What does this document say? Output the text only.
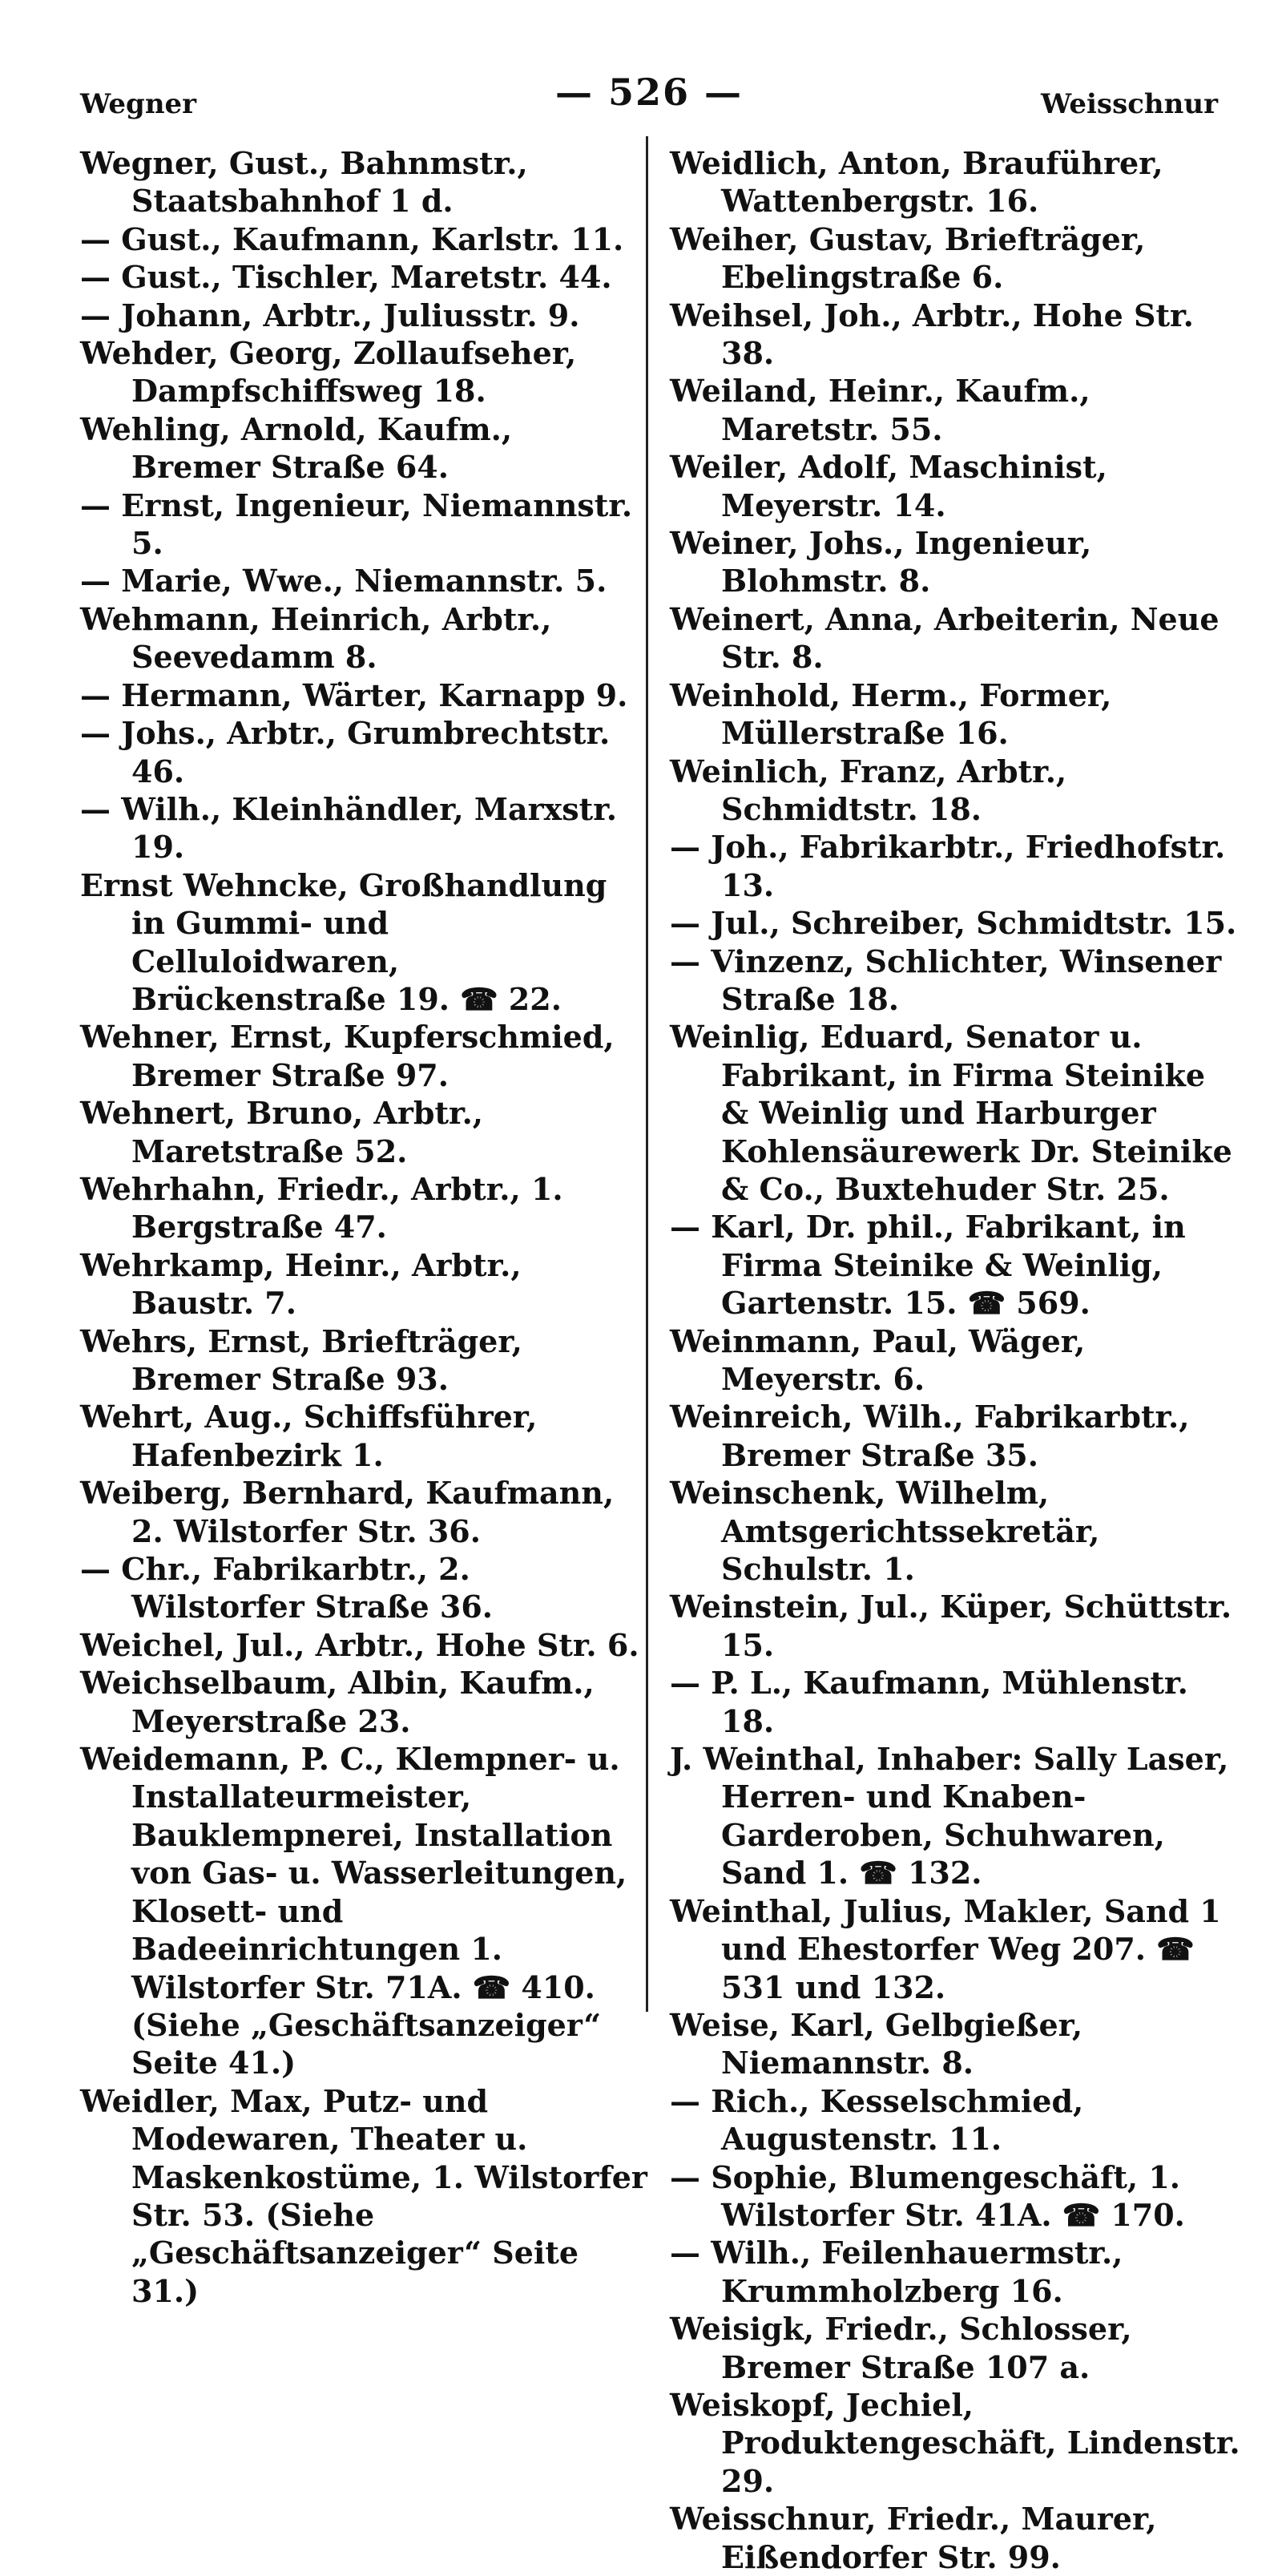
Wegner	— 526 —	Weisschnur

Wegner, Gust., Bahnmstr., Staatsbahnhof 1 d.

— Gust., Kaufmann, Karlstr. 11.

— Gust., Tischler, Maretstr. 44.

— Johann, Arbtr., Juliusstr. 9.

Wehder, Georg, Zollaufseher, Dampfschiffsweg 18.

Wehling, Arnold, Kaufm., Bremer Straße 64.

— Ernst, Ingenieur, Niemannstr. 5.

— Marie, Wwe., Niemannstr. 5.

Wehmann, Heinrich, Arbtr., Seevedamm 8.

— Hermann, Wärter, Karnapp 9.

— Johs., Arbtr., Grumbrechtstr. 46.

— Wilh., Kleinhändler, Marxstr. 19.

Ernst Wehncke, Großhandlung in Gummi- und Celluloidwaren, Brückenstraße 19. ☎ 22.

Wehner, Ernst, Kupferschmied, Bremer Straße 97.

Wehnert, Bruno, Arbtr., Maretstraße 52.

Wehrhahn, Friedr., Arbtr., 1. Bergstraße 47.

Wehrkamp, Heinr., Arbtr., Baustr. 7.

Wehrs, Ernst, Briefträger, Bremer Straße 93.

Wehrt, Aug., Schiffsführer, Hafenbezirk 1.

Weiberg, Bernhard, Kaufmann, 2. Wilstorfer Str. 36.

— Chr., Fabrikarbtr., 2. Wilstorfer Straße 36.

Weichel, Jul., Arbtr., Hohe Str. 6.

Weichselbaum, Albin, Kaufm., Meyerstraße 23.

Weidemann, P. C., Klempner- u. Installateurmeister, Bauklempnerei, Installation von Gas- u. Wasserleitungen, Klosett- und Badeeinrichtungen 1. Wilstorfer Str. 71A. ☎ 410. (Siehe „Geschäftsanzeiger“ Seite 41.)

Weidler, Max, Putz- und Modewaren, Theater u. Maskenkostüme, 1. Wilstorfer Str. 53. (Siehe „Geschäftsanzeiger“ Seite 31.)

Weidlich, Anton, Brauführer, Wattenbergstr. 16.

Weiher, Gustav, Briefträger, Ebelingstraße 6.

Weihsel, Joh., Arbtr., Hohe Str. 38.

Weiland, Heinr., Kaufm., Maretstr. 55.

Weiler, Adolf, Maschinist, Meyerstr. 14.

Weiner, Johs., Ingenieur, Blohmstr. 8.

Weinert, Anna, Arbeiterin, Neue Str. 8.

Weinhold, Herm., Former, Müllerstraße 16.

Weinlich, Franz, Arbtr., Schmidtstr. 18.

— Joh., Fabrikarbtr., Friedhofstr. 13.

— Jul., Schreiber, Schmidtstr. 15.

— Vinzenz, Schlichter, Winsener Straße 18.

Weinlig, Eduard, Senator u. Fabrikant, in Firma Steinike & Weinlig und Harburger Kohlensäurewerk Dr. Steinike & Co., Buxtehuder Str. 25.

— Karl, Dr. phil., Fabrikant, in Firma Steinike & Weinlig, Gartenstr. 15. ☎ 569.

Weinmann, Paul, Wäger, Meyerstr. 6.

Weinreich, Wilh., Fabrikarbtr., Bremer Straße 35.

Weinschenk, Wilhelm, Amtsgerichtssekretär, Schulstr. 1.

Weinstein, Jul., Küper, Schüttstr. 15.

— P. L., Kaufmann, Mühlenstr. 18.

J. Weinthal, Inhaber: Sally Laser, Herren- und Knaben-Garderoben, Schuhwaren, Sand 1. ☎ 132.

Weinthal, Julius, Makler, Sand 1 und Ehestorfer Weg 207. ☎ 531 und 132.

Weise, Karl, Gelbgießer, Niemannstr. 8.

— Rich., Kesselschmied, Augustenstr. 11.

— Sophie, Blumengeschäft, 1. Wilstorfer Str. 41A. ☎ 170.

— Wilh., Feilenhauermstr., Krummholzberg 16.

Weisigk, Friedr., Schlosser, Bremer Straße 107 a.

Weiskopf, Jechiel, Produktengeschäft, Lindenstr. 29.

Weisschnur, Friedr., Maurer, Eißendorfer Str. 99.
